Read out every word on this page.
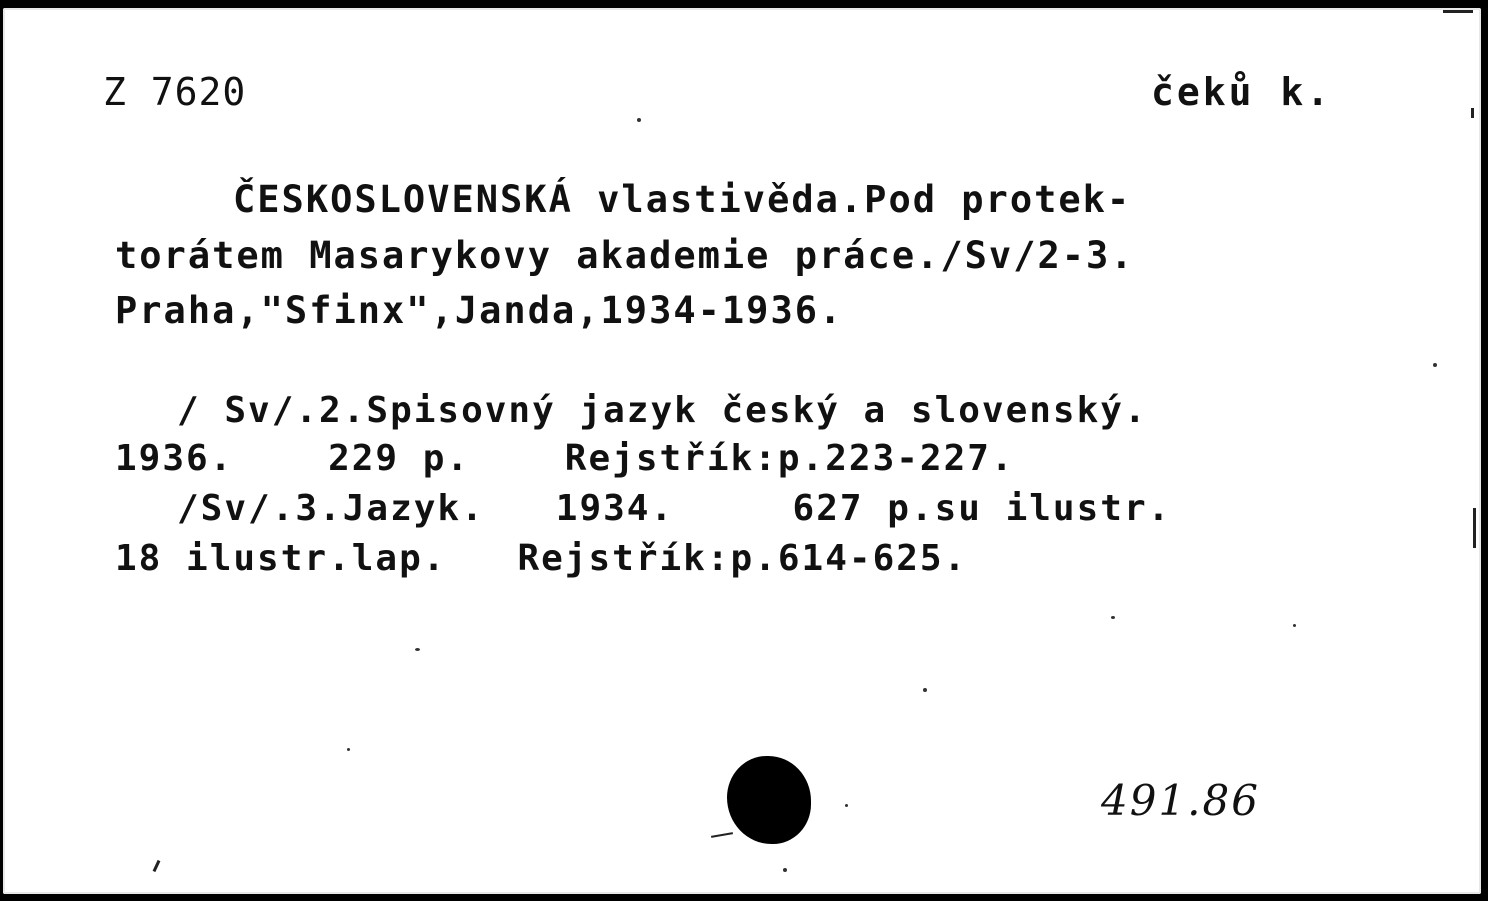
Z 7620	čeků k.

ČESKOSLOVENSKÁ vlastivěda.Pod protek-

torátem Masarykovy akademie práce./Sv/2-3.

Praha,"Sfinx",Janda,1934-1936.

/ Sv/.2.Spisovný jazyk český a slovenský.

1936.    229 p.    Rejstřík:p.223-227.

/Sv/.3.Jazyk.   1934.     627 p.su ilustr.

18 ilustr.lap.   Rejstřík:p.614-625.

491.86
